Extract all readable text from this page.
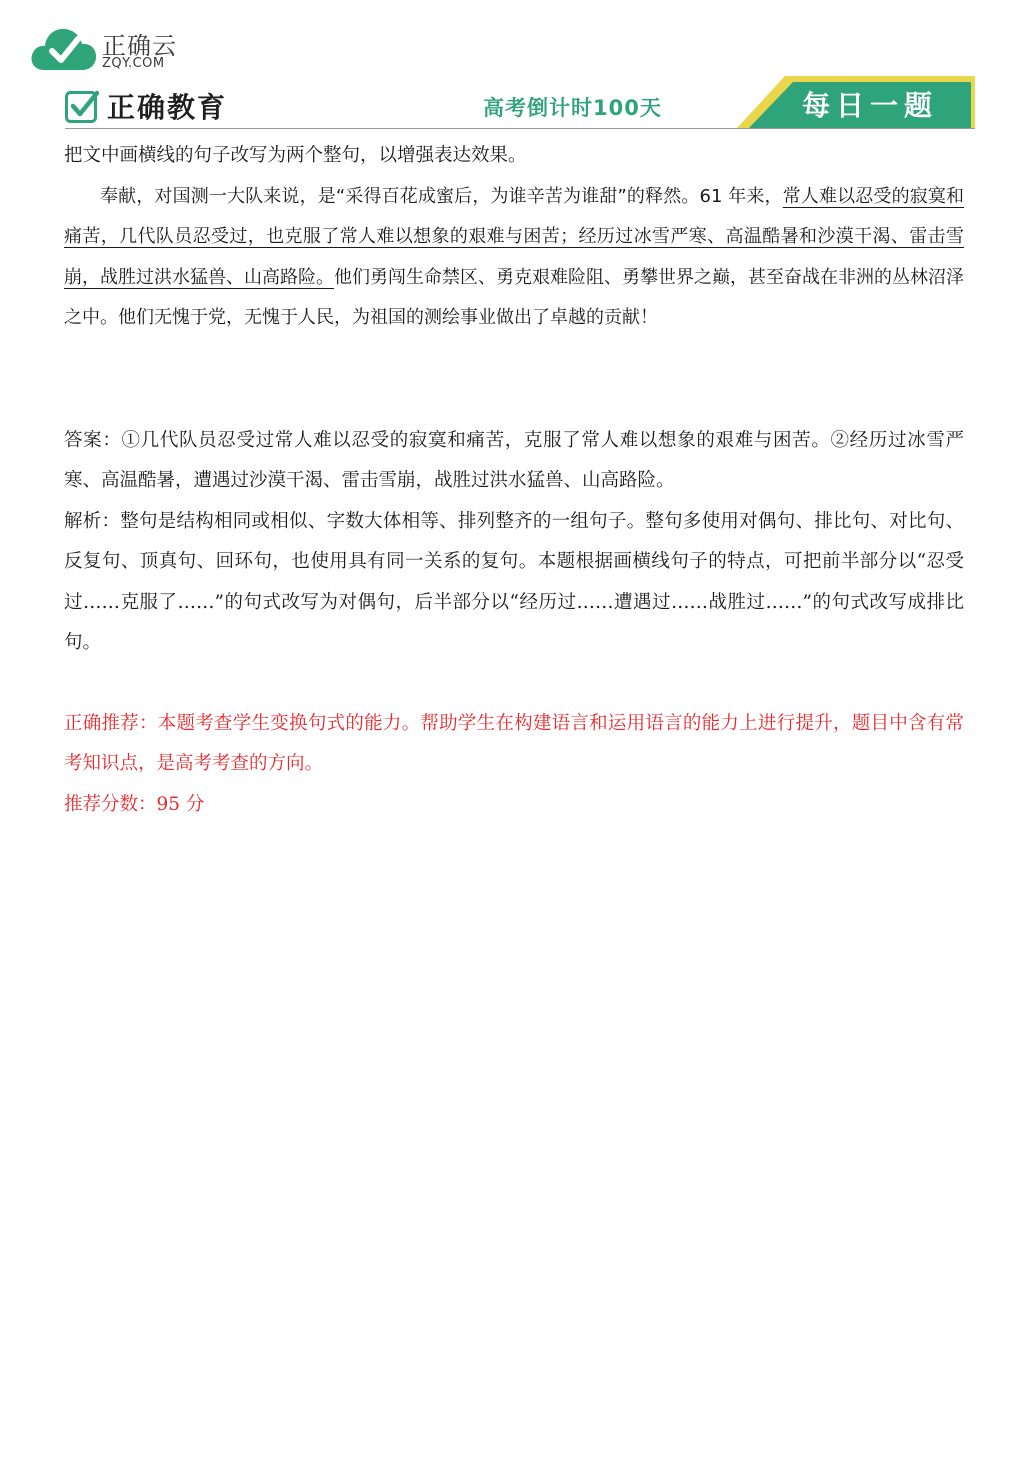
正确云
ZQY.COM
正确教育	高考倒计时100天	每日一题

把文中画横线的句子改写为两个整句，以增强表达效果。

奉献，对国测一大队来说，是“采得百花成蜜后，为谁辛苦为谁甜”的释然。61 年来，常人难以忍受的寂寞和痛苦，几代队员忍受过，也克服了常人难以想象的艰难与困苦；经历过冰雪严寒、高温酷暑和沙漠干渴、雷击雪崩，战胜过洪水猛兽、山高路险。他们勇闯生命禁区、勇克艰难险阻、勇攀世界之巅，甚至奋战在非洲的丛林沼泽之中。他们无愧于党，无愧于人民，为祖国的测绘事业做出了卓越的贡献！

答案：①几代队员忍受过常人难以忍受的寂寞和痛苦，克服了常人难以想象的艰难与困苦。②经历过冰雪严寒、高温酷暑，遭遇过沙漠干渴、雷击雪崩，战胜过洪水猛兽、山高路险。

解析：整句是结构相同或相似、字数大体相等、排列整齐的一组句子。整句多使用对偶句、排比句、对比句、反复句、顶真句、回环句，也使用具有同一关系的复句。本题根据画横线句子的特点，可把前半部分以“忍受过……克服了……”的句式改写为对偶句，后半部分以“经历过……遭遇过……战胜过……”的句式改写成排比句。

正确推荐：本题考查学生变换句式的能力。帮助学生在构建语言和运用语言的能力上进行提升，题目中含有常考知识点，是高考考查的方向。

推荐分数：95 分
